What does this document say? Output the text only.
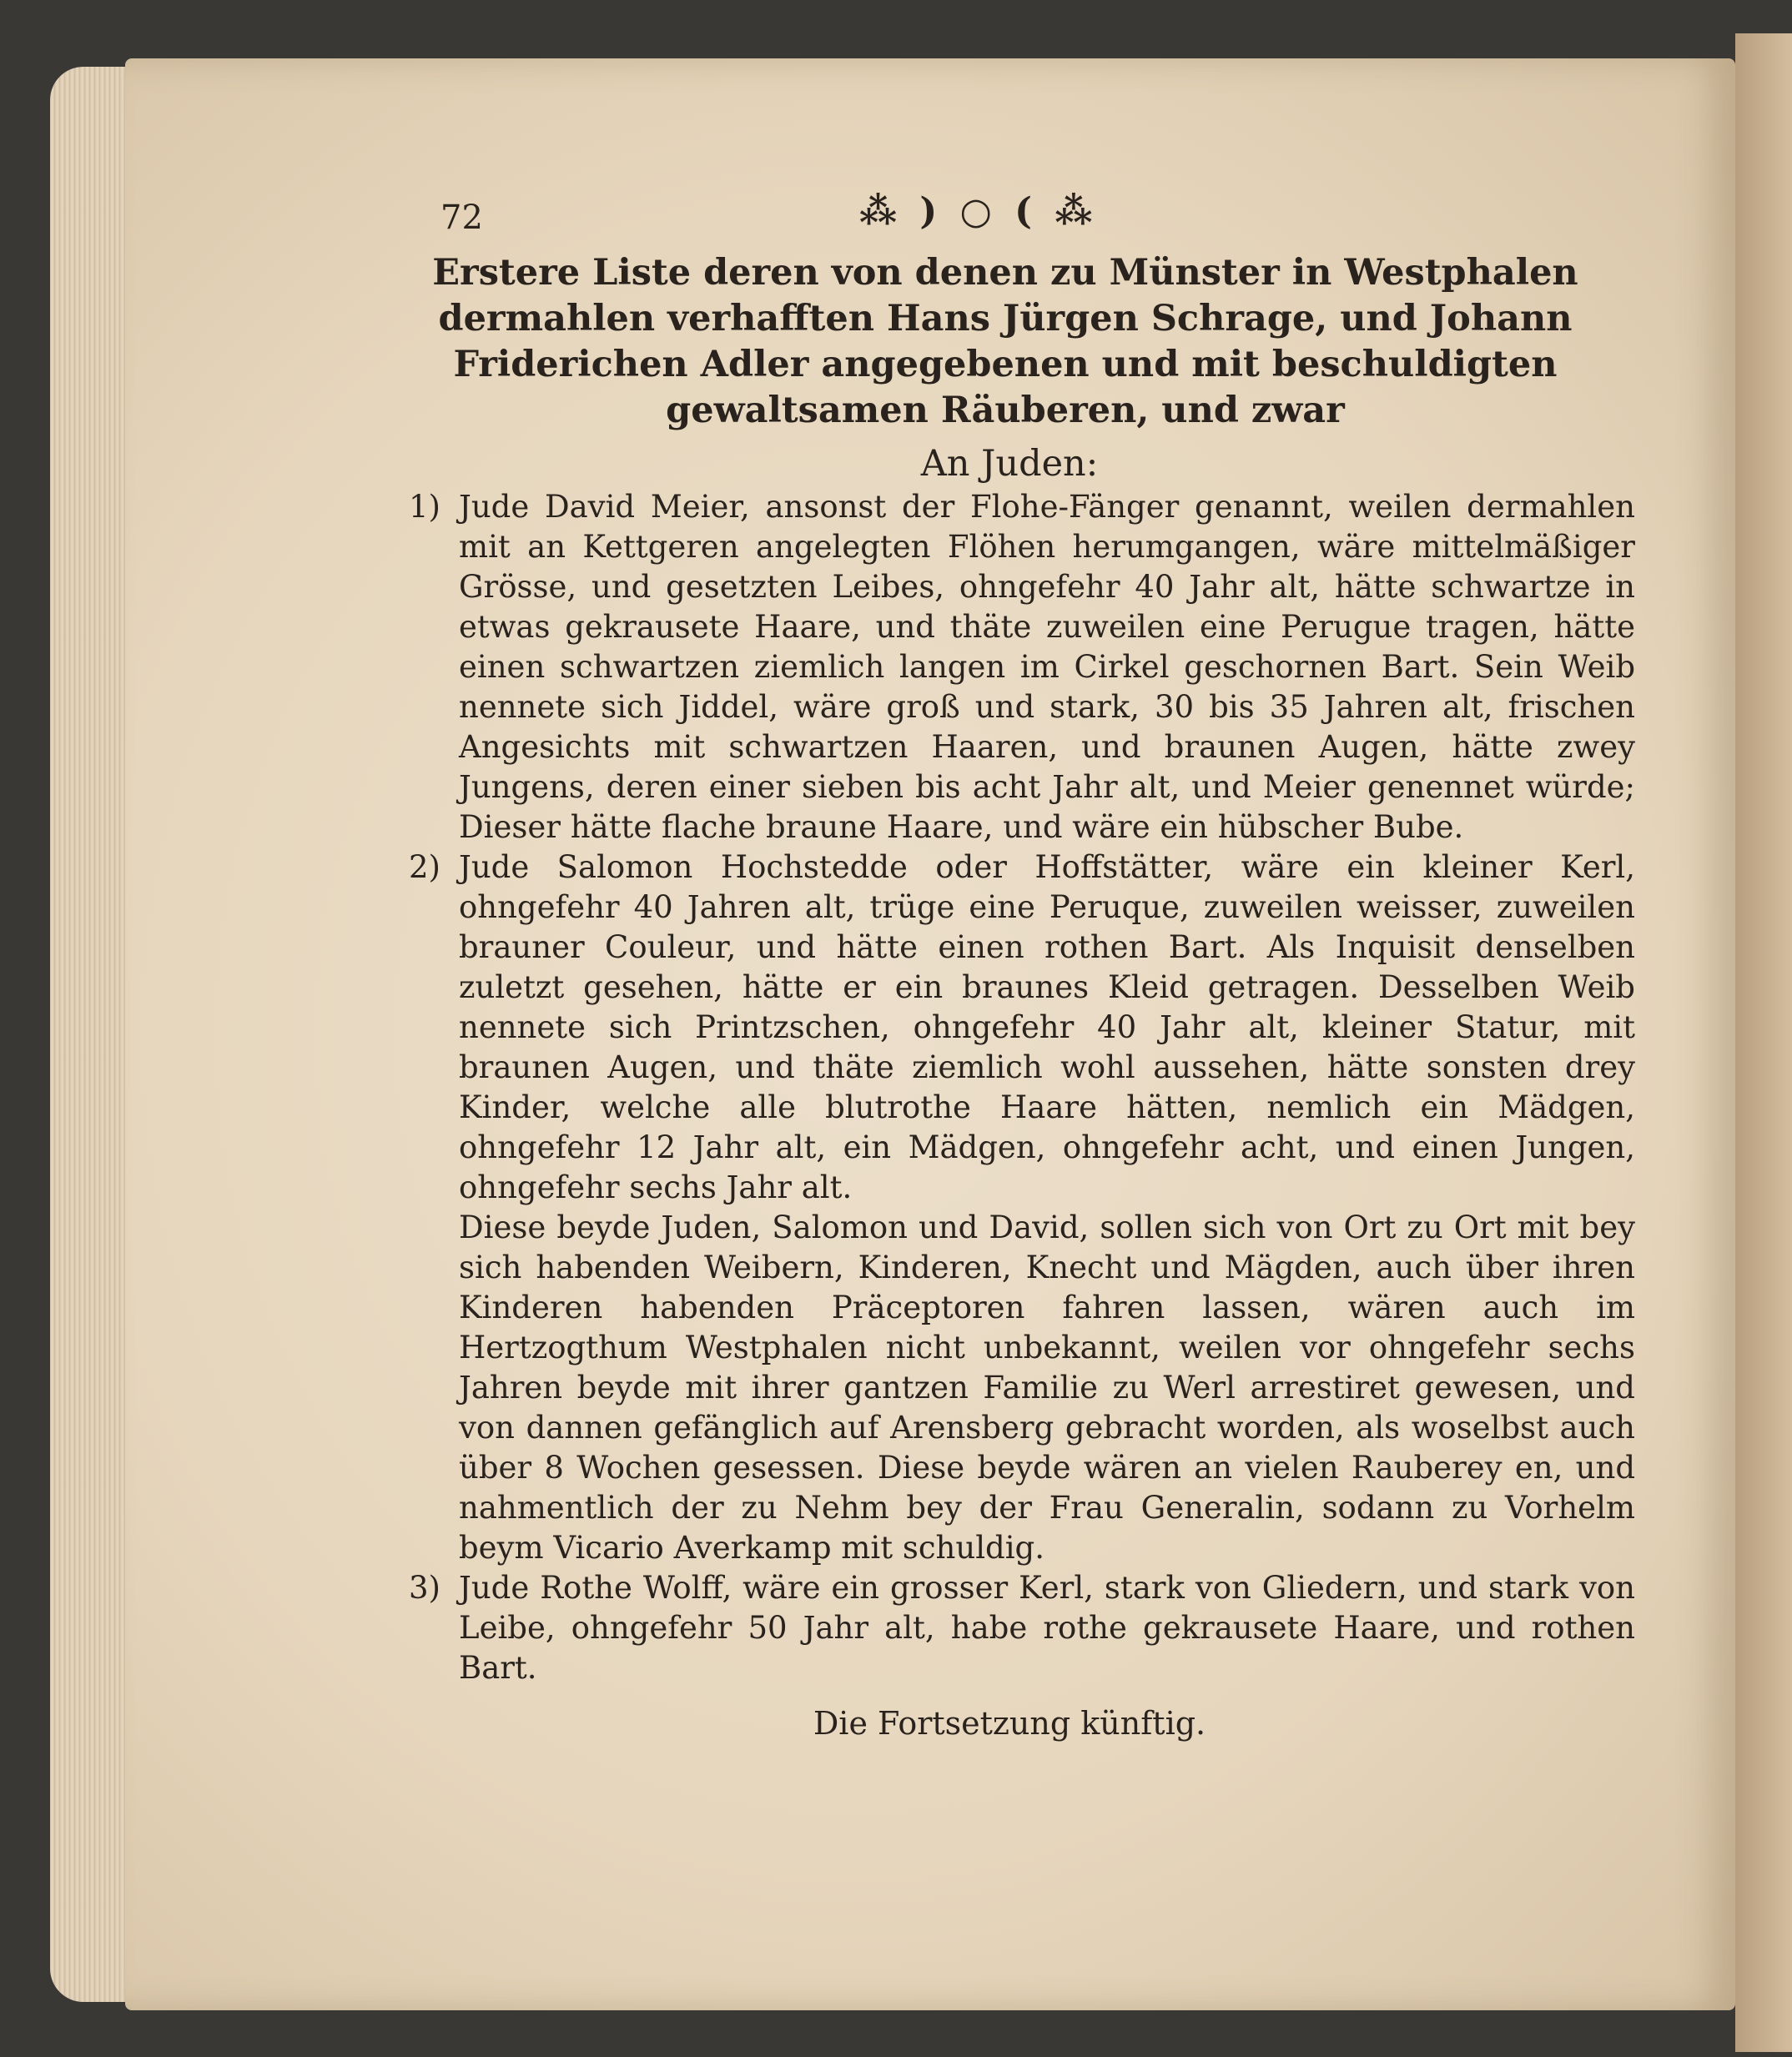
72	⁂ ) ○ ( ⁂
Erstere Liste deren von denen zu Münster in Westphalen dermahlen verhafften Hans Jürgen Schrage, und Johann Friderichen Adler angegebenen und mit beschuldigten gewaltsamen Räuberen, und zwar
An Juden:
1) Jude David Meier, ansonst der Flohe-Fänger genannt, weilen dermahlen mit an Kettgeren angelegten Flöhen herumgangen, wäre mittelmäßiger Grösse, und gesetzten Leibes, ohngefehr 40 Jahr alt, hätte schwartze in etwas gekrausete Haare, und thäte zuweilen eine Perugue tragen, hätte einen schwartzen ziemlich langen im Cirkel geschornen Bart. Sein Weib nennete sich Jiddel, wäre groß und stark, 30 bis 35 Jahren alt, frischen Angesichts mit schwartzen Haaren, und braunen Augen, hätte zwey Jungens, deren einer sieben bis acht Jahr alt, und Meier genennet würde; Dieser hätte flache braune Haare, und wäre ein hübscher Bube.
2) Jude Salomon Hochstedde oder Hoffstätter, wäre ein kleiner Kerl, ohngefehr 40 Jahren alt, trüge eine Peruque, zuweilen weisser, zuweilen brauner Couleur, und hätte einen rothen Bart. Als Inquisit denselben zuletzt gesehen, hätte er ein braunes Kleid getragen. Desselben Weib nennete sich Printzschen, ohngefehr 40 Jahr alt, kleiner Statur, mit braunen Augen, und thäte ziemlich wohl aussehen, hätte sonsten drey Kinder, welche alle blutrothe Haare hätten, nemlich ein Mädgen, ohngefehr 12 Jahr alt, ein Mädgen, ohngefehr acht, und einen Jungen, ohngefehr sechs Jahr alt.
Diese beyde Juden, Salomon und David, sollen sich von Ort zu Ort mit bey sich habenden Weibern, Kinderen, Knecht und Mägden, auch über ihren Kinderen habenden Präceptoren fahren lassen, wären auch im Hertzogthum Westphalen nicht unbekannt, weilen vor ohngefehr sechs Jahren beyde mit ihrer gantzen Familie zu Werl arrestiret gewesen, und von dannen gefänglich auf Arensberg gebracht worden, als woselbst auch über 8 Wochen gesessen. Diese beyde wären an vielen Rauberey en, und nahmentlich der zu Nehm bey der Frau Generalin, sodann zu Vorhelm beym Vicario Averkamp mit schuldig.
3) Jude Rothe Wolff, wäre ein grosser Kerl, stark von Gliedern, und stark von Leibe, ohngefehr 50 Jahr alt, habe rothe gekrausete Haare, und rothen Bart.
Die Fortsetzung künftig.
